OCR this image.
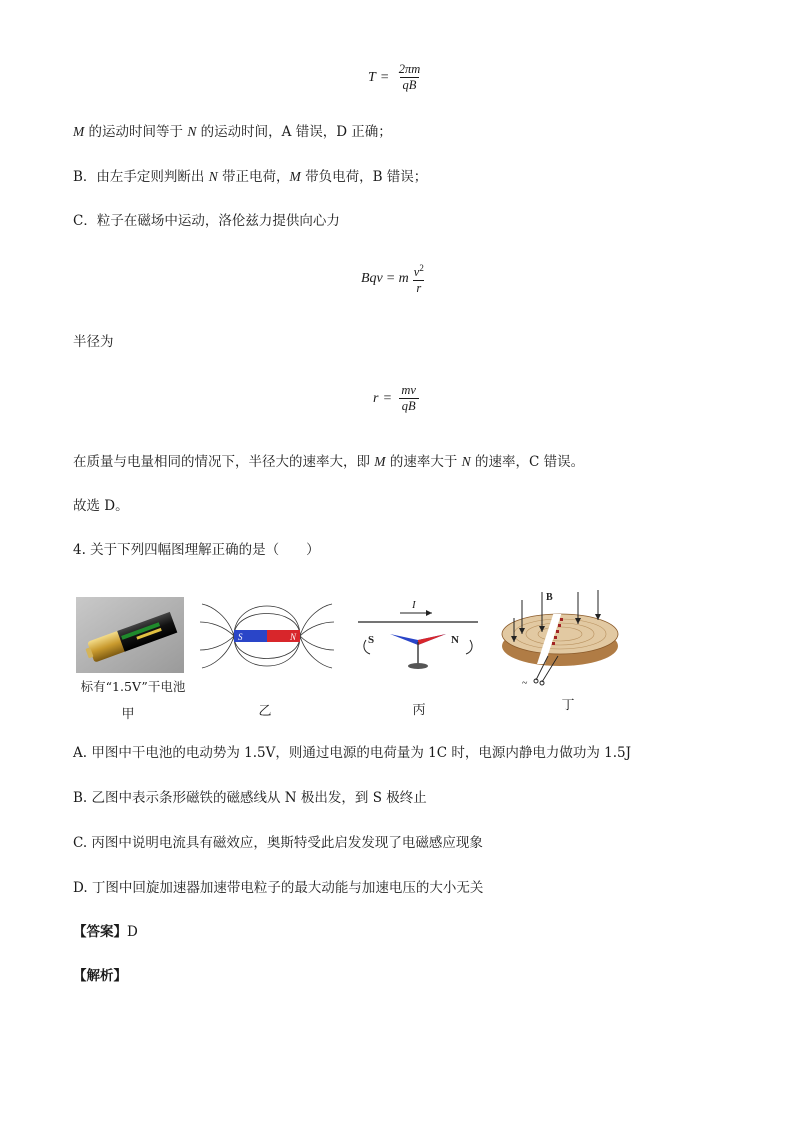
$T = \frac{2\pi m}{qB}$
M 的运动时间等于 N 的运动时间，A 错误，D 正确；
B．由左手定则判断出 N 带正电荷，M 带负电荷，B 错误；
C．粒子在磁场中运动，洛伦兹力提供向心力
Bqv = m $\frac{v^2}{r}$
半径为
$r = \frac{mv}{qB}$
在质量与电量相同的情况下，半径大的速率大，即 M 的速率大于 N 的速率，C 错误。
故选 D。
4. 关于下列四幅图理解正确的是（　　）
标有“1.5V”干电池
甲
S	N
乙
I
S	N
丙
B
~
丁
A. 甲图中干电池的电动势为 1.5V，则通过电源的电荷量为 1C 时，电源内静电力做功为 1.5J
B. 乙图中表示条形磁铁的磁感线从 N 极出发，到 S 极终止
C. 丙图中说明电流具有磁效应，奥斯特受此启发发现了电磁感应现象
D. 丁图中回旋加速器加速带电粒子的最大动能与加速电压的大小无关
【答案】D
【解析】
